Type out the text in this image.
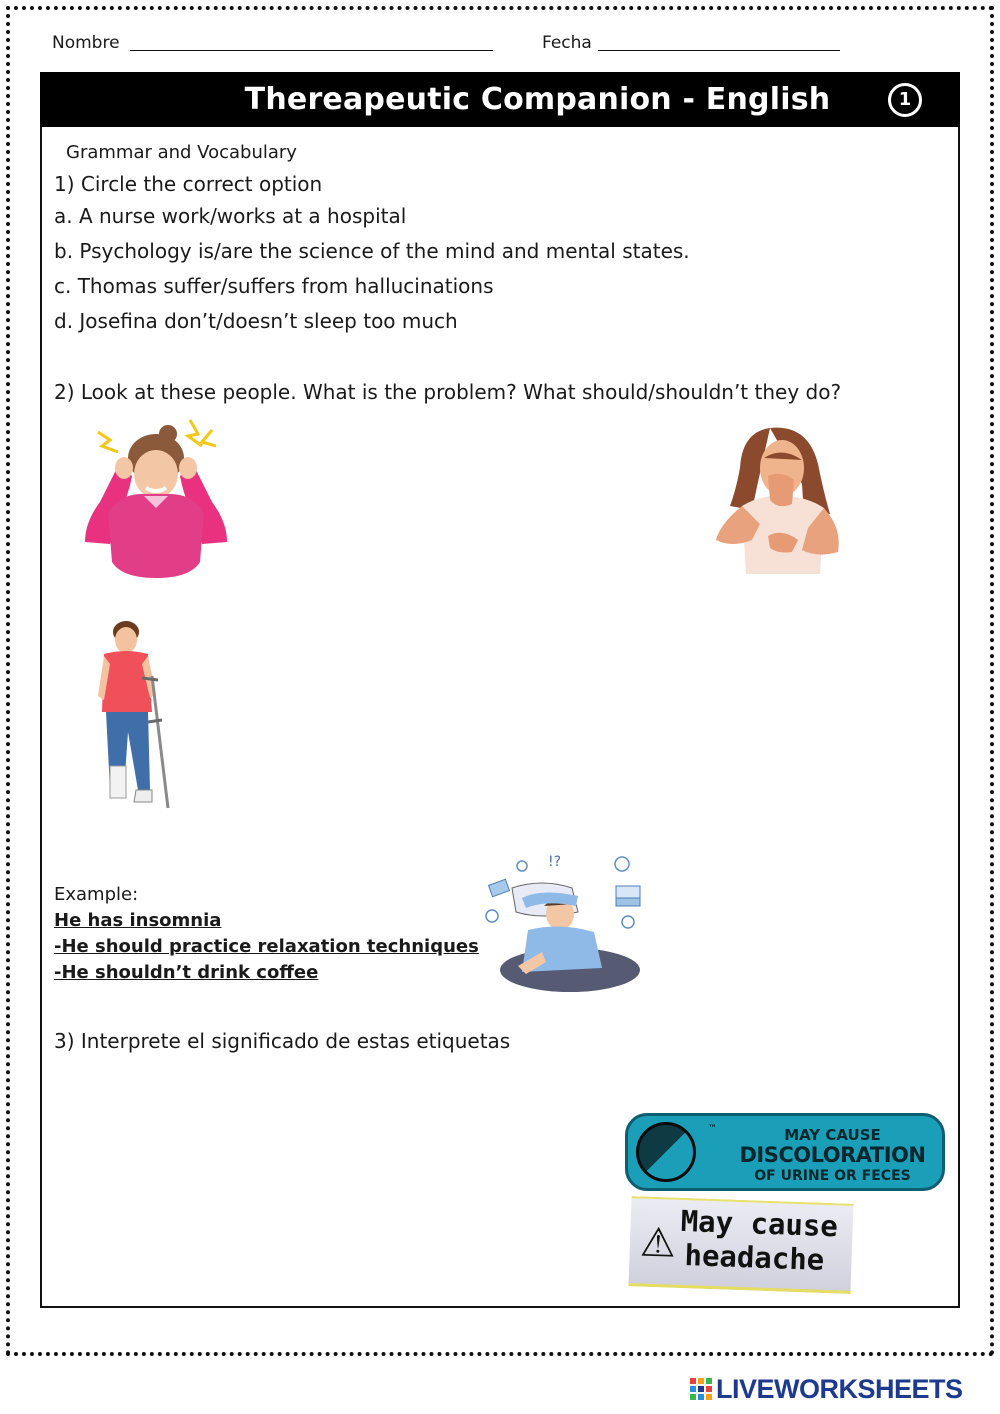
Nombre	Fecha
Thereapeutic Companion - English	1
Grammar and Vocabulary
1) Circle the correct option
a. A nurse work/works at a hospital
b. Psychology is/are the science of the mind and mental states.
c. Thomas suffer/suffers from hallucinations
d. Josefina don’t/doesn’t sleep too much
2) Look at these people. What is the problem? What should/shouldn’t they do?
!?
Example:
He has insomnia
-He should practice relaxation techniques
-He shouldn’t drink coffee
3) Interprete el significado de estas etiquetas
™	MAY CAUSE
DISCOLORATION
OF URINE OR FECES
⚠ May cause
headache
LIVEWORKSHEETS
